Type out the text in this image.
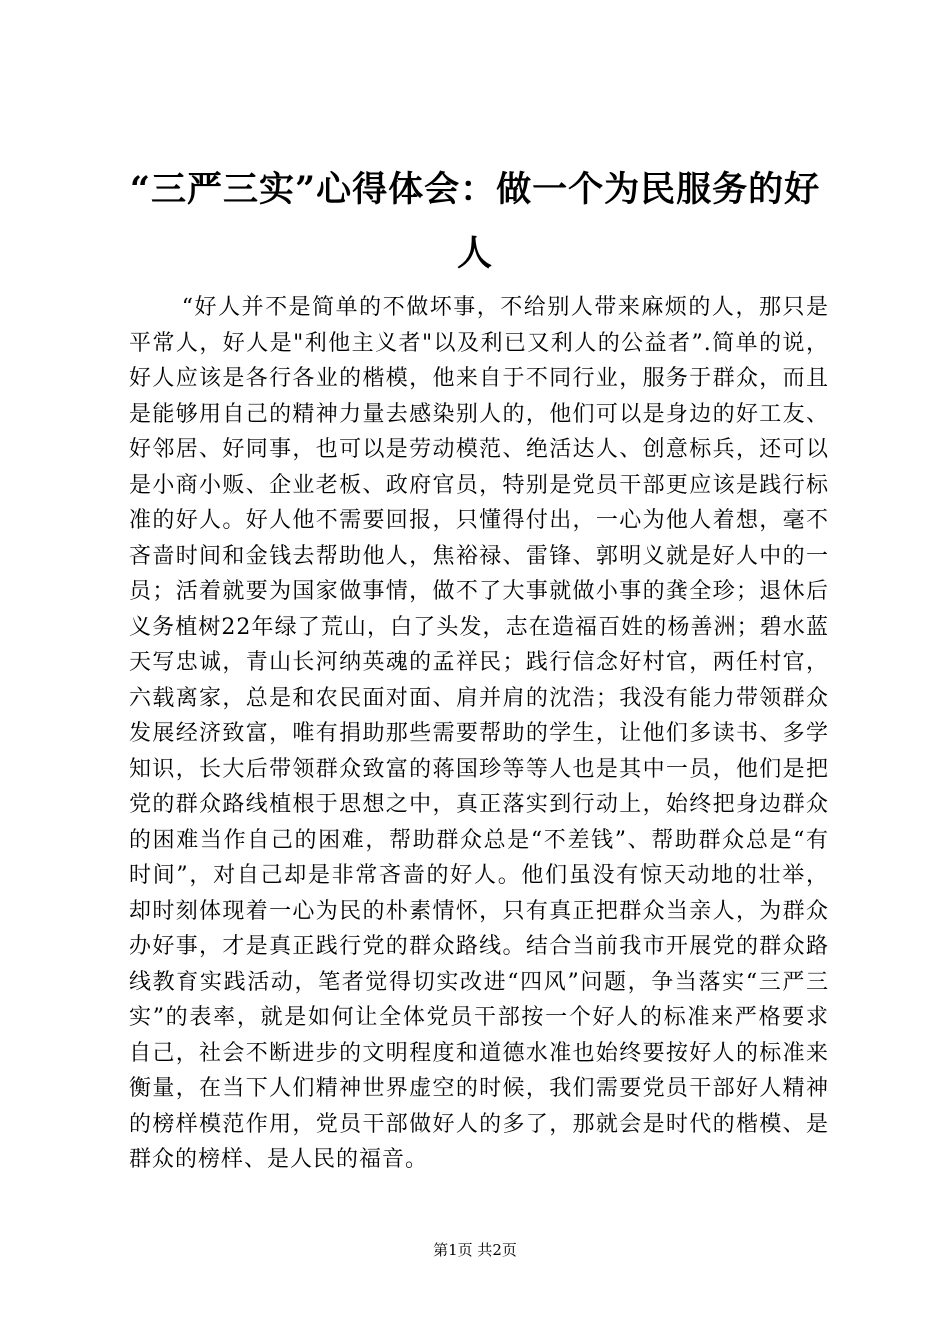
“三严三实”心得体会：做一个为民服务的好人

“好人并不是简单的不做坏事，不给别人带来麻烦的人，那只是平常人，好人是"利他主义者"以及利已又利人的公益者”.简单的说，好人应该是各行各业的楷模，他来自于不同行业，服务于群众，而且是能够用自己的精神力量去感染别人的，他们可以是身边的好工友、好邻居、好同事，也可以是劳动模范、绝活达人、创意标兵，还可以是小商小贩、企业老板、政府官员，特别是党员干部更应该是践行标准的好人。好人他不需要回报，只懂得付出，一心为他人着想，毫不吝啬时间和金钱去帮助他人，焦裕禄、雷锋、郭明义就是好人中的一员；活着就要为国家做事情，做不了大事就做小事的龚全珍；退休后义务植树22年绿了荒山，白了头发，志在造福百姓的杨善洲；碧水蓝天写忠诚，青山长河纳英魂的孟祥民；践行信念好村官，两任村官，六载离家，总是和农民面对面、肩并肩的沈浩；我没有能力带领群众发展经济致富，唯有捐助那些需要帮助的学生，让他们多读书、多学知识，长大后带领群众致富的蒋国珍等等人也是其中一员，他们是把党的群众路线植根于思想之中，真正落实到行动上，始终把身边群众的困难当作自己的困难，帮助群众总是“不差钱”、帮助群众总是“有时间”，对自己却是非常吝啬的好人。他们虽没有惊天动地的壮举，却时刻体现着一心为民的朴素情怀，只有真正把群众当亲人，为群众办好事，才是真正践行党的群众路线。结合当前我市开展党的群众路线教育实践活动，笔者觉得切实改进“四风”问题，争当落实“三严三实”的表率，就是如何让全体党员干部按一个好人的标准来严格要求自己，社会不断进步的文明程度和道德水准也始终要按好人的标准来衡量，在当下人们精神世界虚空的时候，我们需要党员干部好人精神的榜样模范作用，党员干部做好人的多了，那就会是时代的楷模、是群众的榜样、是人民的福音。

第1页 共2页
